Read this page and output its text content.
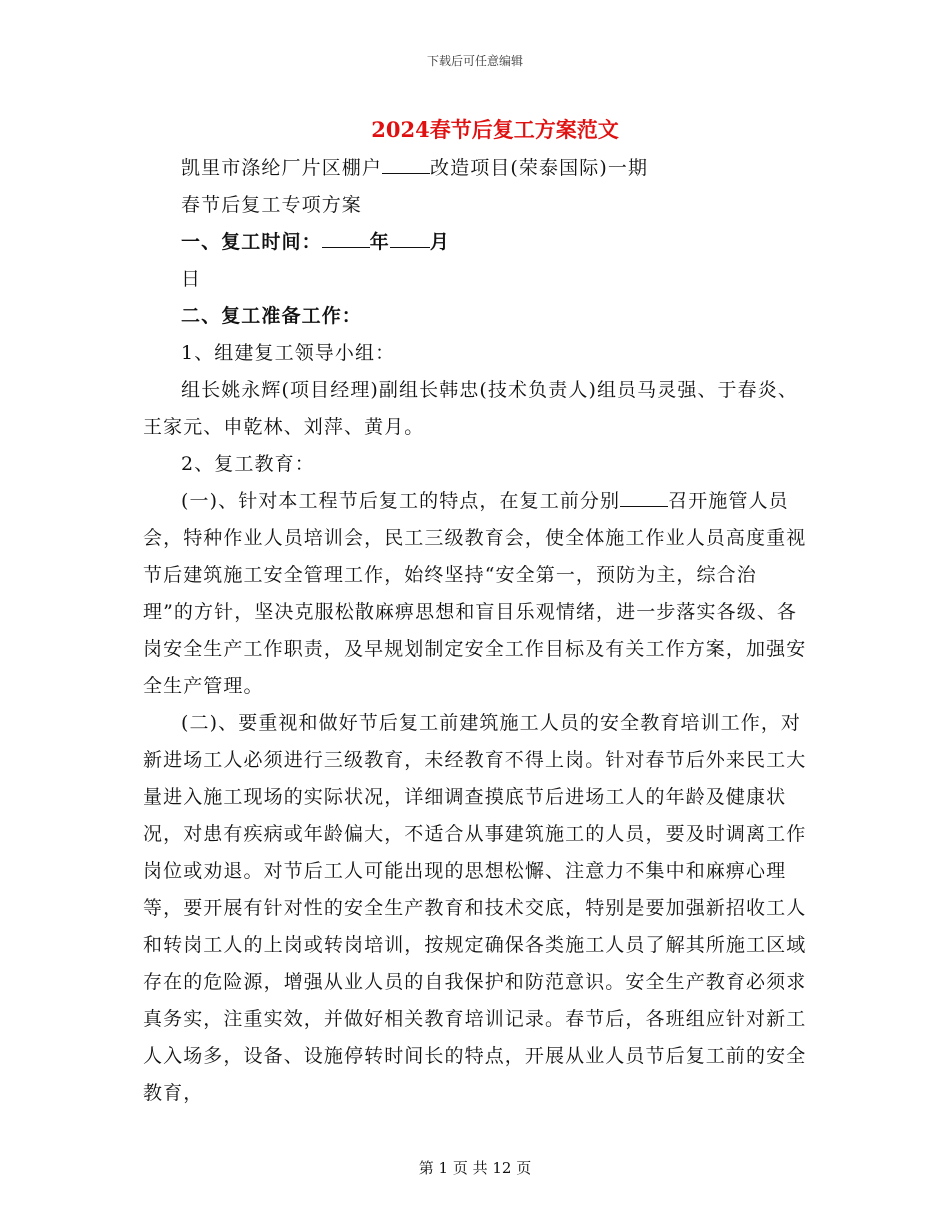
下载后可任意编辑
2024春节后复工方案范文

凯里市涤纶厂片区棚户	改造项目(荣泰国际)一期

春节后复工专项方案

一、复工时间：	年 月

日

二、复工准备工作：

1、组建复工领导小组：

组长姚永辉(项目经理)副组长韩忠(技术负责人)组员马灵强、于春炎、王家元、申乾林、刘萍、黄月。

2、复工教育：

(一)、针对本工程节后复工的特点，在复工前分别	召开施管人员会，特种作业人员培训会，民工三级教育会，使全体施工作业人员高度重视节后建筑施工安全管理工作，始终坚持“安全第一，预防为主，综合治理”的方针，坚决克服松散麻痹思想和盲目乐观情绪，进一步落实各级、各岗安全生产工作职责，及早规划制定安全工作目标及有关工作方案，加强安全生产管理。

(二)、要重视和做好节后复工前建筑施工人员的安全教育培训工作，对新进场工人必须进行三级教育，未经教育不得上岗。针对春节后外来民工大量进入施工现场的实际状况，详细调查摸底节后进场工人的年龄及健康状况，对患有疾病或年龄偏大，不适合从事建筑施工的人员，要及时调离工作岗位或劝退。对节后工人可能出现的思想松懈、注意力不集中和麻痹心理等，要开展有针对性的安全生产教育和技术交底，特别是要加强新招收工人和转岗工人的上岗或转岗培训，按规定确保各类施工人员了解其所施工区域存在的危险源，增强从业人员的自我保护和防范意识。安全生产教育必须求真务实，注重实效，并做好相关教育培训记录。春节后，各班组应针对新工人入场多，设备、设施停转时间长的特点，开展从业人员节后复工前的安全教育，

第 1 页 共 12 页
